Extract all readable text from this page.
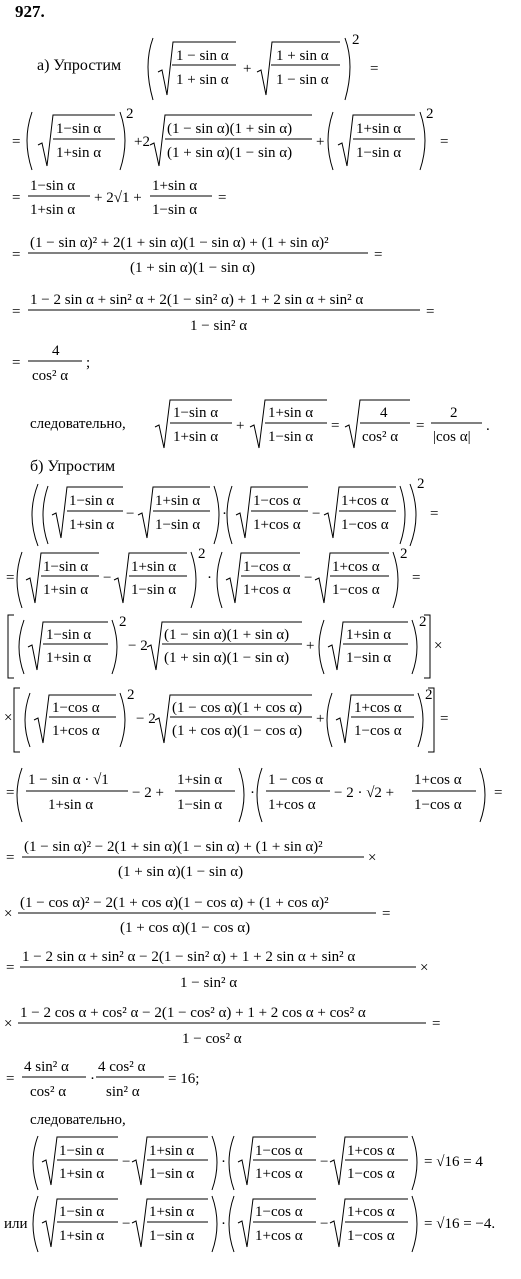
927.
а) Упростим
1 − sin α
1 + sin α
+
1 + sin α
1 − sin α
2
=
=
1−sin α
1+sin α
2
+2
(1 − sin α)(1 + sin α)
(1 + sin α)(1 − sin α)
+
1+sin α
1−sin α
2
=
=
1−sin α
1+sin α
+ 2√1 +
1+sin α
1−sin α
=
=
(1 − sin α)² + 2(1 + sin α)(1 − sin α) + (1 + sin α)²
(1 + sin α)(1 − sin α)
=
=
1 − 2 sin α + sin² α + 2(1 − sin² α) + 1 + 2 sin α + sin² α
1 − sin² α
=
=
4
cos² α
;
следовательно,
1−sin α
1+sin α
+
1+sin α
1−sin α
=
4
cos² α
=
2
|cos α|
.
1−sin α
1+sin α
−
1+sin α
1−sin α
·
1−cos α
1+cos α
−
1+cos α
1−cos α
2
=
=
1−sin α
1+sin α
−
1+sin α
1−sin α
2
·
1−cos α
1+cos α
−
1+cos α
1−cos α
2
=
1−sin α
1+sin α
2
− 2
(1 − sin α)(1 + sin α)
(1 + sin α)(1 − sin α)
+
1+sin α
1−sin α
2
×
×
1−cos α
1+cos α
2
− 2
(1 − cos α)(1 + cos α)
(1 + cos α)(1 − cos α)
+
1+cos α
1−cos α
2
=
=
1 − sin α · √1
1+sin α
− 2 +
1+sin α
1−sin α
·
1 − cos α
1+cos α
− 2 · √2 +
1+cos α
1−cos α
=
=
(1 − sin α)² − 2(1 + sin α)(1 − sin α) + (1 + sin α)²
(1 + sin α)(1 − sin α)
×
×
(1 − cos α)² − 2(1 + cos α)(1 − cos α) + (1 + cos α)²
(1 + cos α)(1 − cos α)
=
=
1 − 2 sin α + sin² α − 2(1 − sin² α) + 1 + 2 sin α + sin² α
1 − sin² α
×
×
1 − 2 cos α + cos² α − 2(1 − cos² α) + 1 + 2 cos α + cos² α
1 − cos² α
=
=
4 sin² α
cos² α
·
4 cos² α
sin² α
= 16;
следовательно,
1−sin α
1+sin α
−
1+sin α
1−sin α
·
1−cos α
1+cos α
−
1+cos α
1−cos α
= √16 = 4
или
1−sin α
1+sin α
−
1+sin α
1−sin α
·
1−cos α
1+cos α
−
1+cos α
1−cos α
= √16 = −4.
б) Упростим
